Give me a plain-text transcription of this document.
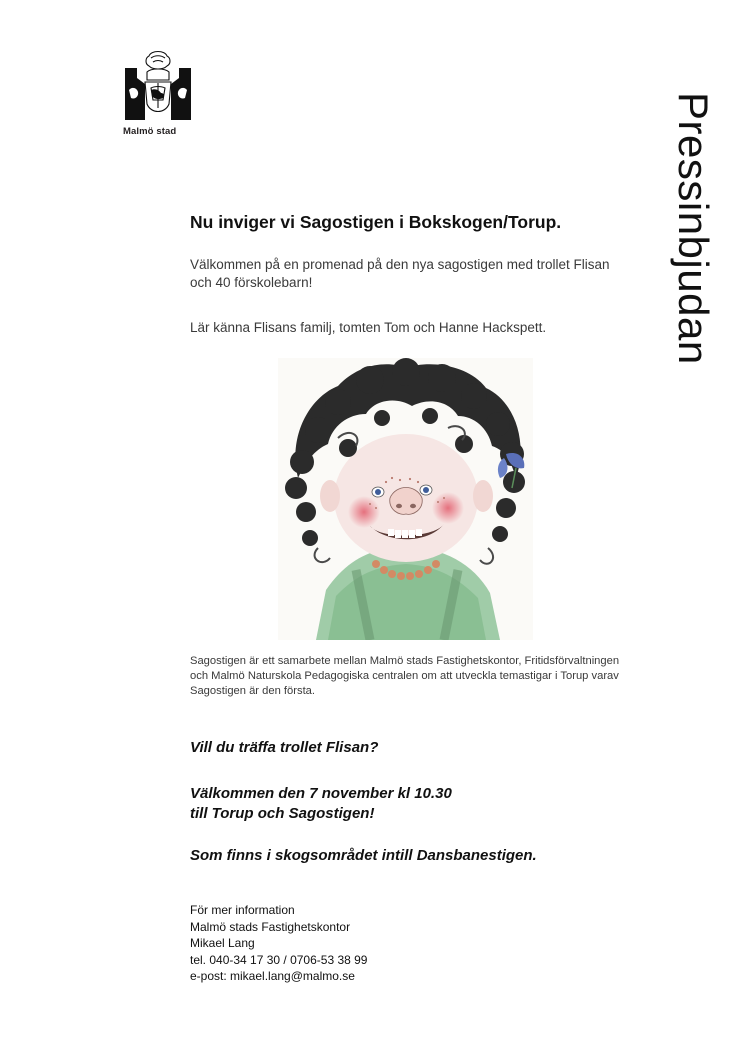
Malmö stad	Pressinbjudan
Nu inviger vi Sagostigen i Bokskogen/Torup.

Välkommen på en promenad på den nya sagostigen med trollet Flisan och 40 förskolebarn!

Lär känna Flisans familj, tomten Tom och Hanne Hackspett.

Sagostigen är ett samarbete mellan Malmö stads Fastighetskontor, Fritidsförvaltningen och Malmö Naturskola Pedagogiska centralen om att utveckla temastigar i Torup varav Sagostigen är den första.
Vill du träffa trollet Flisan?
Välkommen den 7 november kl 10.30
till Torup och Sagostigen!
Som finns i skogsområdet intill Dansbanestigen.
För mer information
Malmö stads Fastighetskontor
Mikael Lang
tel. 040-34 17 30 / 0706-53 38 99
e-post: mikael.lang@malmo.se
